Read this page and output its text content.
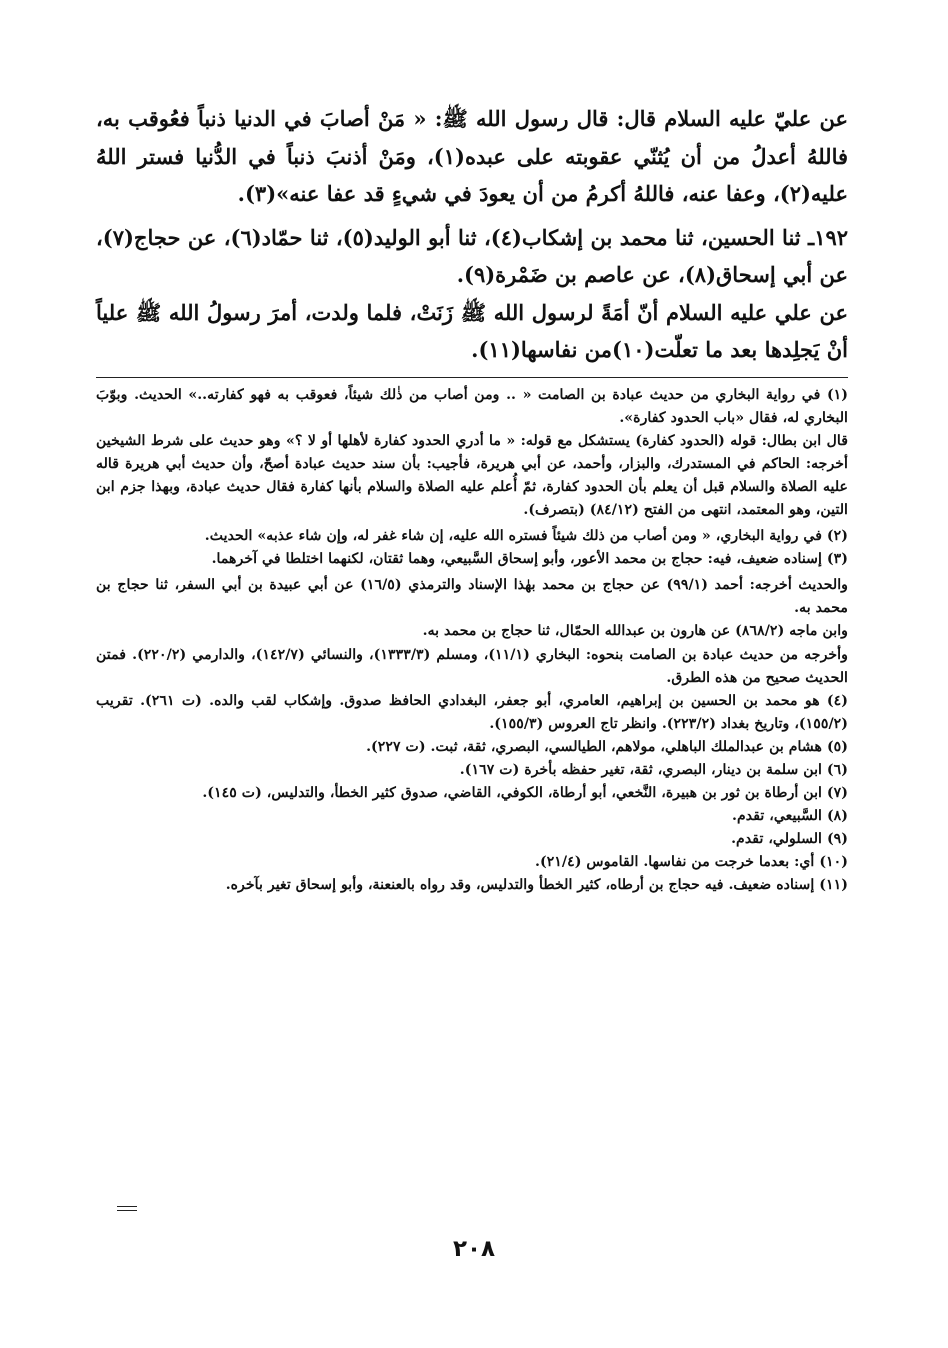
عن عليّ عليه السلام قال: قال رسول الله ﷺ: « مَنْ أصابَ في الدنيا ذنباً فعُوقب به، فاللهُ أعدلُ من أن يُثنّي عقوبته على عبده(١)، ومَنْ أذنبَ ذنباً في الدُّنيا فستر اللهُ عليه(٢)، وعفا عنه، فاللهُ أكرمُ من أن يعودَ في شيءٍ قد عفا عنه»(٣).

١٩٢ـ ثنا الحسين، ثنا محمد بن إشكاب(٤)، ثنا أبو الوليد(٥)، ثنا حمّاد(٦)، عن حجاج(٧)، عن أبي إسحاق(٨)، عن عاصم بن ضَمْرة(٩).

عن علي عليه السلام أنّ أمَةً لرسول الله ﷺ زَنَتْ، فلما ولدت، أمرَ رسولُ الله ﷺ علياً أنْ يَجلِدها بعد ما تعلّت(١٠)من نفاسها(١١).

(١) في رواية البخاري من حديث عبادة بن الصامت « .. ومن أصاب من ذٰلك شيئاً، فعوقب به فهو كفارته..» الحديث. وبوّبَ البخاري له، فقال «باب الحدود كفارة».

قال ابن بطال: قوله (الحدود كفارة) يستشكل مع قوله: « ما أدري الحدود كفارة لأهلها أو لا ؟» وهو حديث على شرط الشيخين أخرجه: الحاكم في المستدرك، والبزار، وأحمد، عن أبي هريرة، فأجيب: بأن سند حديث عبادة أصحّ، وأن حديث أبي هريرة قاله عليه الصلاة والسلام قبل أن يعلم بأن الحدود كفارة، ثمّ أُعلم عليه الصلاة والسلام بأنها كفارة فقال حديث عبادة، وبهذا جزم ابن التين، وهو المعتمد، انتهى من الفتح (٨٤/١٢) (بتصرف).

(٢) في رواية البخاري، « ومن أصاب من ذلك شيئاً فستره الله عليه، إن شاء غفر له، وإن شاء عذبه» الحديث.

(٣) إسناده ضعيف، فيه: حجاج بن محمد الأعور، وأبو إسحاق السَّبيعي، وهما ثقتان، لكنهما اختلطا في آخرهما.

والحديث أخرجه: أحمد (٩٩/١) عن حجاج بن محمد بهٰذا الإسناد والترمذي (١٦/٥) عن أبي عبيدة بن أبي السفر، ثنا حجاج بن محمد به.

وابن ماجه (٨٦٨/٢) عن هارون بن عبدالله الحمّال، ثنا حجاج بن محمد به.

وأخرجه من حديث عبادة بن الصامت بنحوه: البخاري (١١/١)، ومسلم (١٣٣٣/٣)، والنسائي (١٤٢/٧)، والدارمي (٢٢٠/٢). فمتن الحديث صحيح من هذه الطرق.

(٤) هو محمد بن الحسين بن إبراهيم، العامري، أبو جعفر، البغدادي الحافظ صدوق. وإشكاب لقب والده. (ت ٢٦١). تقريب (١٥٥/٢)، وتاريخ بغداد (٢٢٣/٢). وانظر تاج العروس (١٥٥/٣).

(٥) هشام بن عبدالملك الباهلي، مولاهم، الطيالسي، البصري، ثقة، ثبت. (ت ٢٢٧).

(٦) ابن سلمة بن دينار، البصري، ثقة، تغير حفظه بأخرة (ت ١٦٧).

(٧) ابن أرطاة بن ثور بن هبيرة، النَّخعي، أبو أرطاة، الكوفي، القاضي، صدوق كثير الخطأ، والتدليس، (ت ١٤٥).

(٨) السَّبيعي، تقدم.

(٩) السلولي، تقدم.

(١٠) أي: بعدما خرجت من نفاسها. القاموس (٢١/٤).

(١١) إسناده ضعيف. فيه حجاج بن أرطاه، كثير الخطأ والتدليس، وقد رواه بالعنعنة، وأبو إسحاق تغير بآخره.

٢٠٨
